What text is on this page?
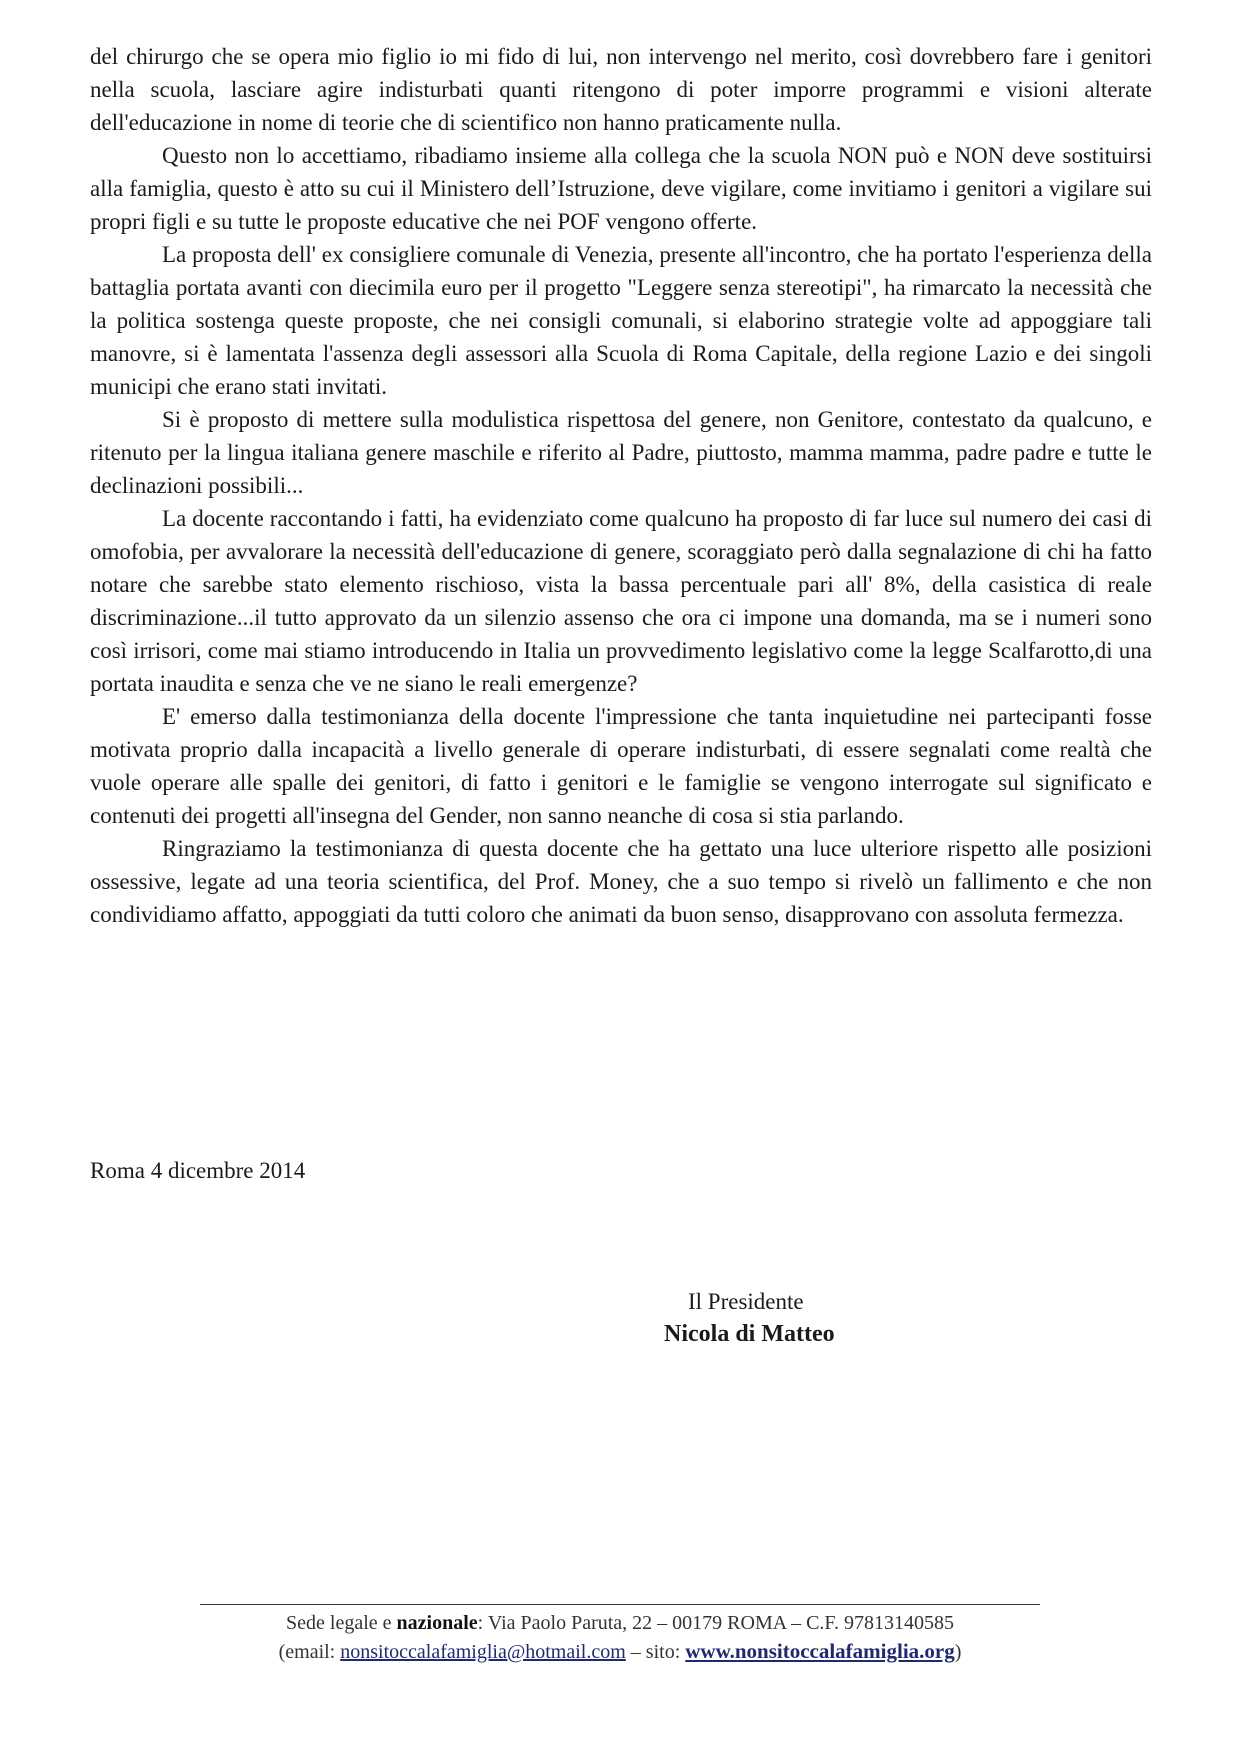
del chirurgo che se opera mio figlio io mi fido di lui, non intervengo nel merito, così dovrebbero fare i genitori nella scuola, lasciare agire indisturbati quanti ritengono di poter imporre programmi e visioni alterate dell'educazione in nome di teorie che di scientifico non hanno praticamente nulla.

Questo non lo accettiamo, ribadiamo insieme alla collega che la scuola NON può e NON deve sostituirsi alla famiglia, questo è atto su cui il Ministero dell’Istruzione, deve vigilare, come invitiamo i genitori a vigilare sui propri figli e su tutte le proposte educative che nei POF vengono offerte.

La proposta dell' ex consigliere comunale di Venezia, presente all'incontro, che ha portato l'esperienza della battaglia portata avanti con diecimila euro per il progetto "Leggere senza stereotipi", ha rimarcato la necessità che la politica sostenga queste proposte, che nei consigli comunali, si elaborino strategie volte ad appoggiare tali manovre, si è lamentata l'assenza degli assessori alla Scuola di Roma Capitale, della regione Lazio e dei singoli municipi che erano stati invitati.

Si è proposto di mettere sulla modulistica rispettosa del genere, non Genitore, contestato da qualcuno, e ritenuto per la lingua italiana genere maschile e riferito al Padre, piuttosto, mamma mamma, padre padre e tutte le declinazioni possibili...

La docente raccontando i fatti, ha evidenziato come qualcuno ha proposto di far luce sul numero dei casi di omofobia, per avvalorare la necessità dell'educazione di genere, scoraggiato però dalla segnalazione di chi ha fatto notare che sarebbe stato elemento rischioso, vista la bassa percentuale pari all' 8%, della casistica di reale discriminazione...il tutto approvato da un silenzio assenso che ora ci impone una domanda, ma se i numeri sono così irrisori, come mai stiamo introducendo in Italia un provvedimento legislativo come la legge Scalfarotto,di una portata inaudita e senza che ve ne siano le reali emergenze?

E' emerso dalla testimonianza della docente l'impressione che tanta inquietudine nei partecipanti fosse motivata proprio dalla incapacità a livello generale di operare indisturbati, di essere segnalati come realtà che vuole operare alle spalle dei genitori, di fatto i genitori e le famiglie se vengono interrogate sul significato e contenuti dei progetti all'insegna del Gender, non sanno neanche di cosa si stia parlando.

Ringraziamo la testimonianza di questa docente che ha gettato una luce ulteriore rispetto alle posizioni ossessive, legate ad una teoria scientifica, del Prof. Money, che a suo tempo si rivelò un fallimento e che non condividiamo affatto, appoggiati da tutti coloro che animati da buon senso, disapprovano con assoluta fermezza.

Roma 4 dicembre 2014
Il Presidente
Nicola di Matteo
Sede legale e nazionale: Via Paolo Paruta, 22 – 00179 ROMA – C.F. 97813140585
(email: nonsitoccalafamiglia@hotmail.com – sito: www.nonsitoccalafamiglia.org)
